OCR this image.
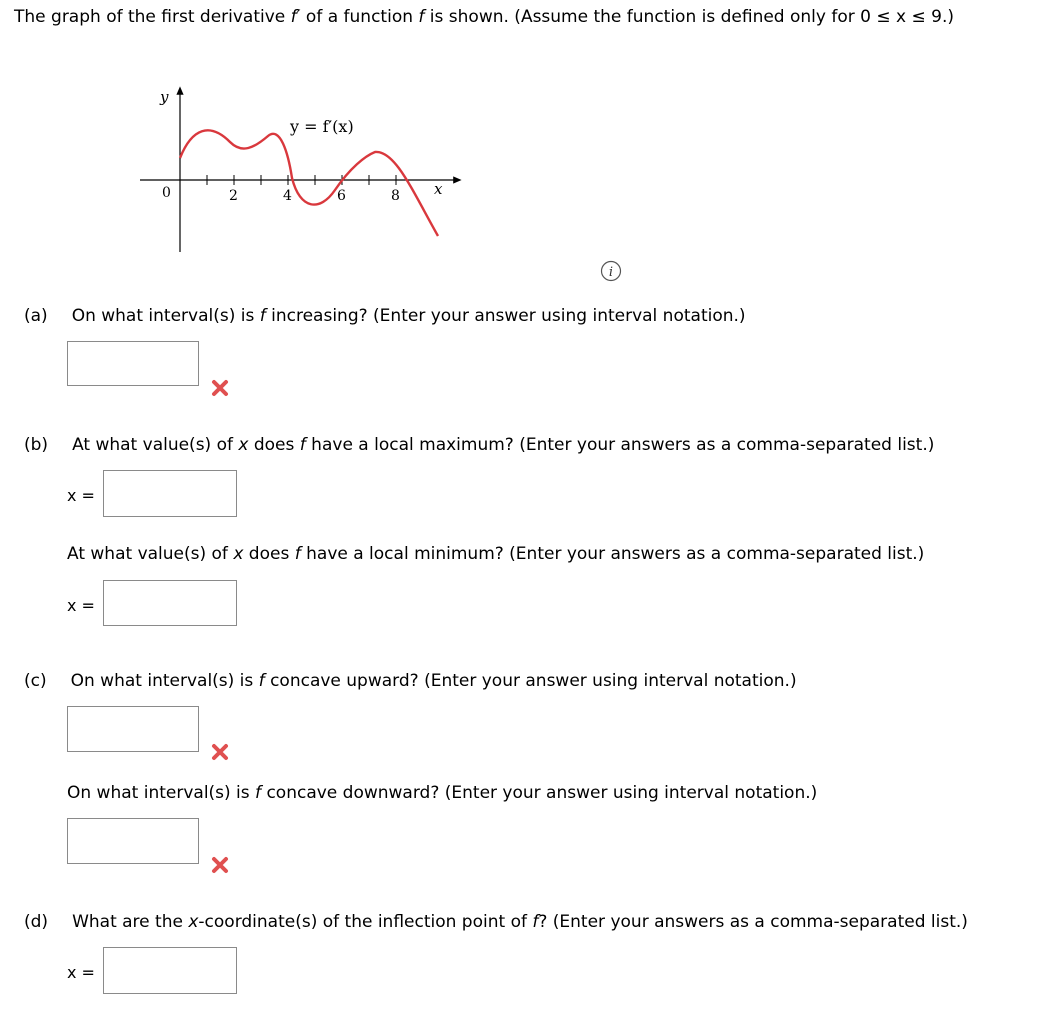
The graph of the first derivative f′ of a function f is shown. (Assume the function is defined only for 0 ≤ x ≤ 9.)
y
x
y = f′(x)
0	2	4	6	8
i
(a) On what interval(s) is f increasing? (Enter your answer using interval notation.)
(b) At what value(s) of x does f have a local maximum? (Enter your answers as a comma-separated list.)
x =
At what value(s) of x does f have a local minimum? (Enter your answers as a comma-separated list.)
x =
(c) On what interval(s) is f concave upward? (Enter your answer using interval notation.)
On what interval(s) is f concave downward? (Enter your answer using interval notation.)
(d) What are the x-coordinate(s) of the inflection point of f? (Enter your answers as a comma-separated list.)
x =
